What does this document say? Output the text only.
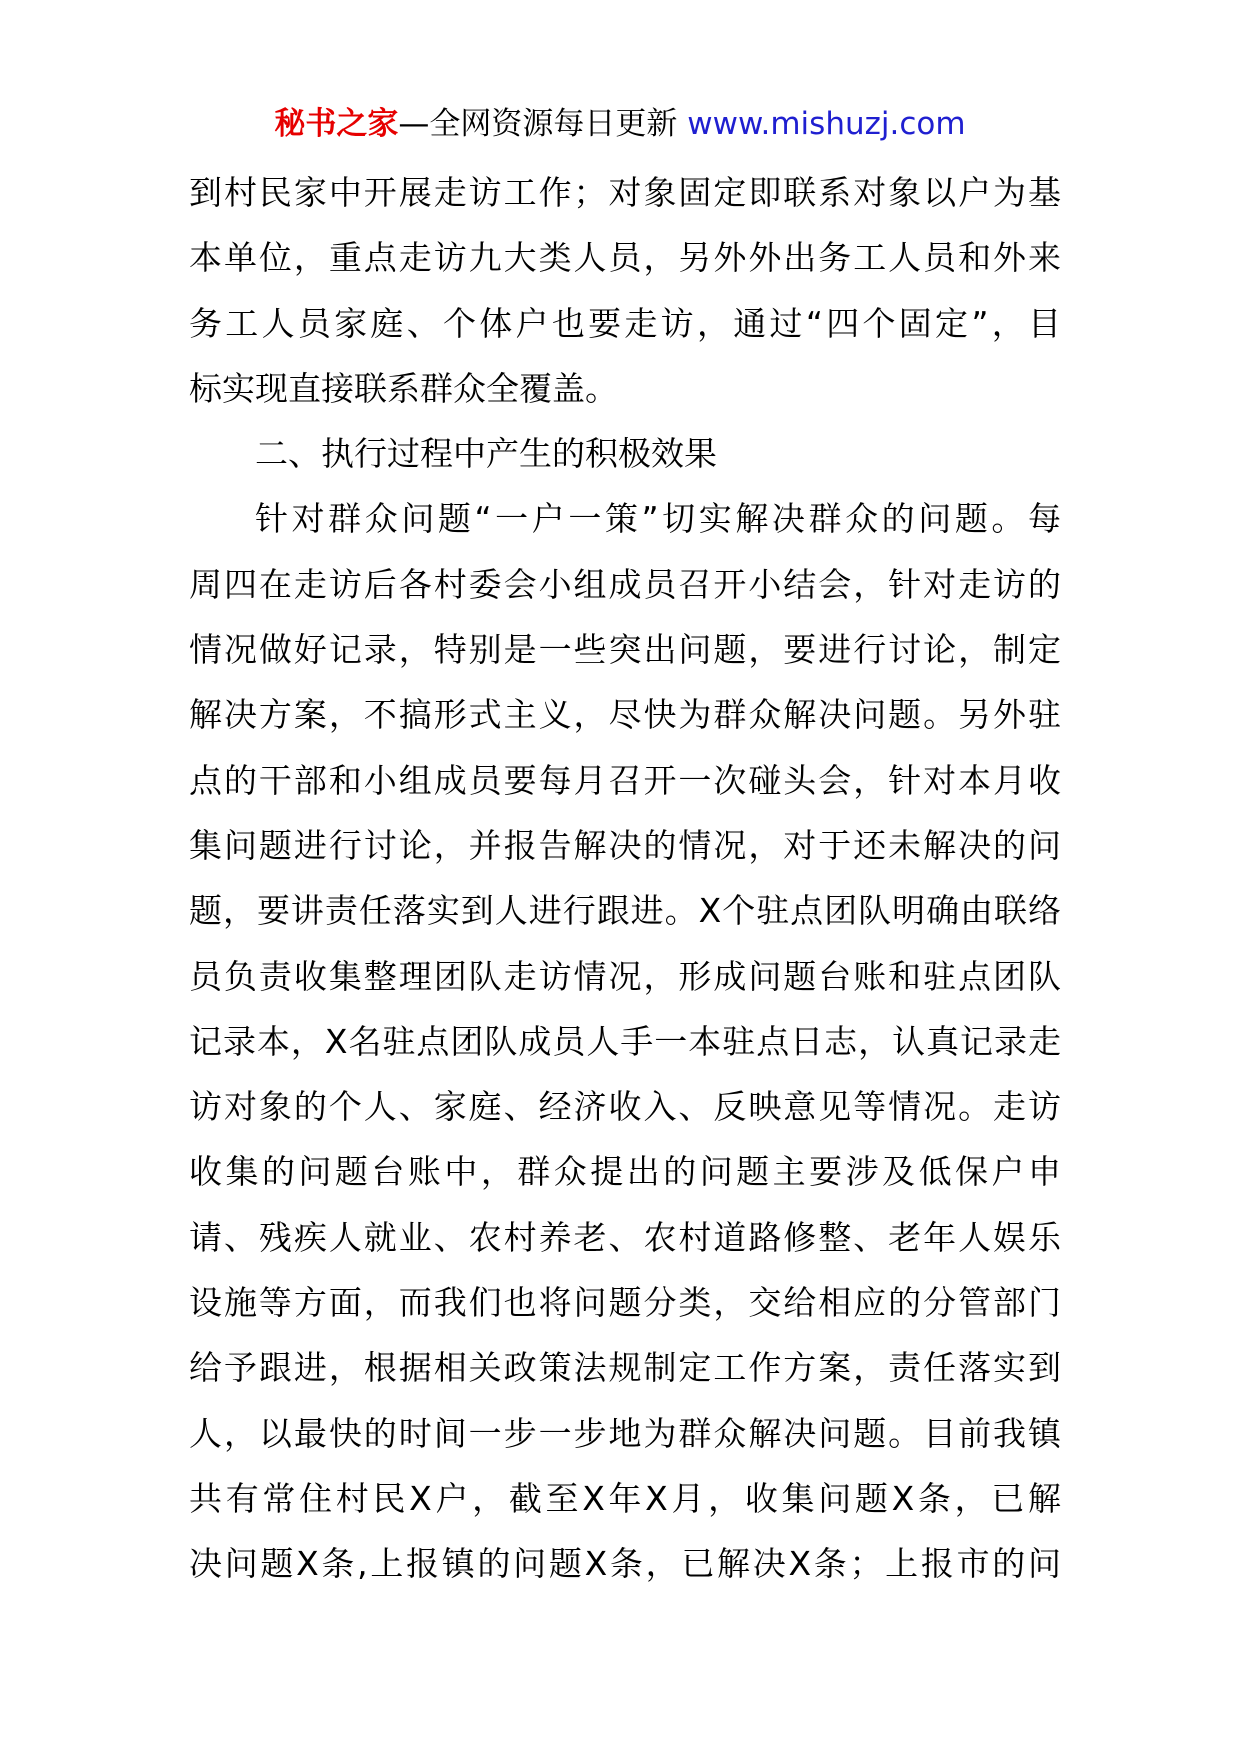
秘书之家—全网资源每日更新 www.mishuzj.com
到村民家中开展走访工作；对象固定即联系对象以户为基
本单位，重点走访九大类人员，另外外出务工人员和外来
务工人员家庭、个体户也要走访，通过“四个固定”，目
标实现直接联系群众全覆盖。
二、执行过程中产生的积极效果
针对群众问题“一户一策”切实解决群众的问题。每
周四在走访后各村委会小组成员召开小结会，针对走访的
情况做好记录，特别是一些突出问题，要进行讨论，制定
解决方案，不搞形式主义，尽快为群众解决问题。另外驻
点的干部和小组成员要每月召开一次碰头会，针对本月收
集问题进行讨论，并报告解决的情况，对于还未解决的问
题，要讲责任落实到人进行跟进。X个驻点团队明确由联络
员负责收集整理团队走访情况，形成问题台账和驻点团队
记录本，X名驻点团队成员人手一本驻点日志，认真记录走
访对象的个人、家庭、经济收入、反映意见等情况。走访
收集的问题台账中，群众提出的问题主要涉及低保户申
请、残疾人就业、农村养老、农村道路修整、老年人娱乐
设施等方面，而我们也将问题分类，交给相应的分管部门
给予跟进，根据相关政策法规制定工作方案，责任落实到
人，以最快的时间一步一步地为群众解决问题。目前我镇
共有常住村民X户，截至X年X月，收集问题X条，已解
决问题X条,上报镇的问题X条，已解决X条；上报市的问
